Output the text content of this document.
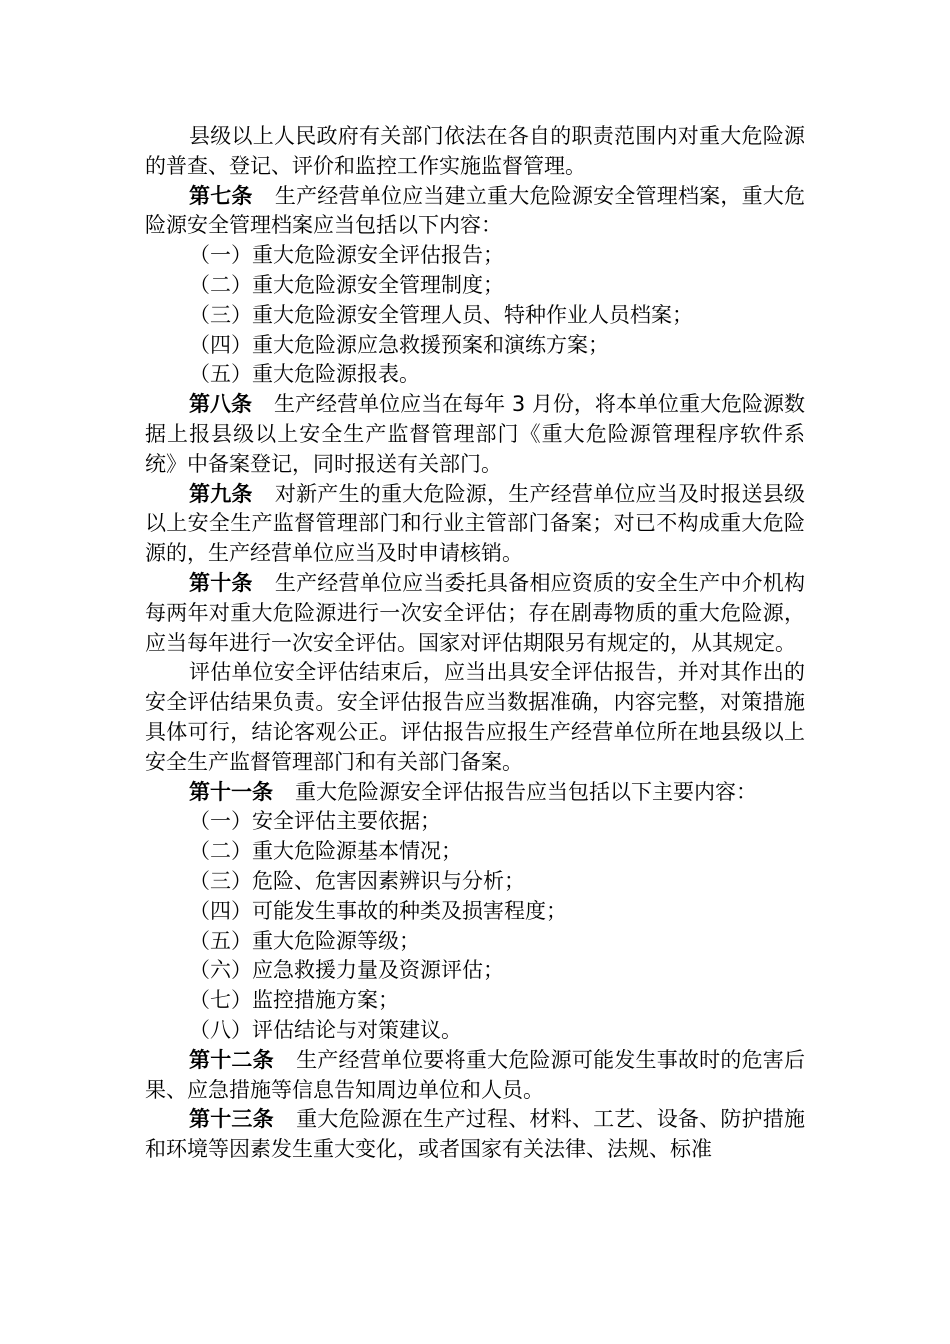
县级以上人民政府有关部门依法在各自的职责范围内对重大危险源的普查、登记、评价和监控工作实施监督管理。

第七条 生产经营单位应当建立重大危险源安全管理档案，重大危险源安全管理档案应当包括以下内容：

（一）重大危险源安全评估报告；

（二）重大危险源安全管理制度；

（三）重大危险源安全管理人员、特种作业人员档案；

（四）重大危险源应急救援预案和演练方案；

（五）重大危险源报表。

第八条 生产经营单位应当在每年 3 月份，将本单位重大危险源数据上报县级以上安全生产监督管理部门《重大危险源管理程序软件系统》中备案登记，同时报送有关部门。

第九条 对新产生的重大危险源，生产经营单位应当及时报送县级以上安全生产监督管理部门和行业主管部门备案；对已不构成重大危险源的，生产经营单位应当及时申请核销。

第十条 生产经营单位应当委托具备相应资质的安全生产中介机构每两年对重大危险源进行一次安全评估；存在剧毒物质的重大危险源，应当每年进行一次安全评估。国家对评估期限另有规定的，从其规定。

评估单位安全评估结束后，应当出具安全评估报告，并对其作出的安全评估结果负责。安全评估报告应当数据准确，内容完整，对策措施具体可行，结论客观公正。评估报告应报生产经营单位所在地县级以上安全生产监督管理部门和有关部门备案。

第十一条 重大危险源安全评估报告应当包括以下主要内容：

（一）安全评估主要依据；

（二）重大危险源基本情况；

（三）危险、危害因素辨识与分析；

（四）可能发生事故的种类及损害程度；

（五）重大危险源等级；

（六）应急救援力量及资源评估；

（七）监控措施方案；

（八）评估结论与对策建议。

第十二条 生产经营单位要将重大危险源可能发生事故时的危害后果、应急措施等信息告知周边单位和人员。

第十三条 重大危险源在生产过程、材料、工艺、设备、防护措施和环境等因素发生重大变化，或者国家有关法律、法规、标准
